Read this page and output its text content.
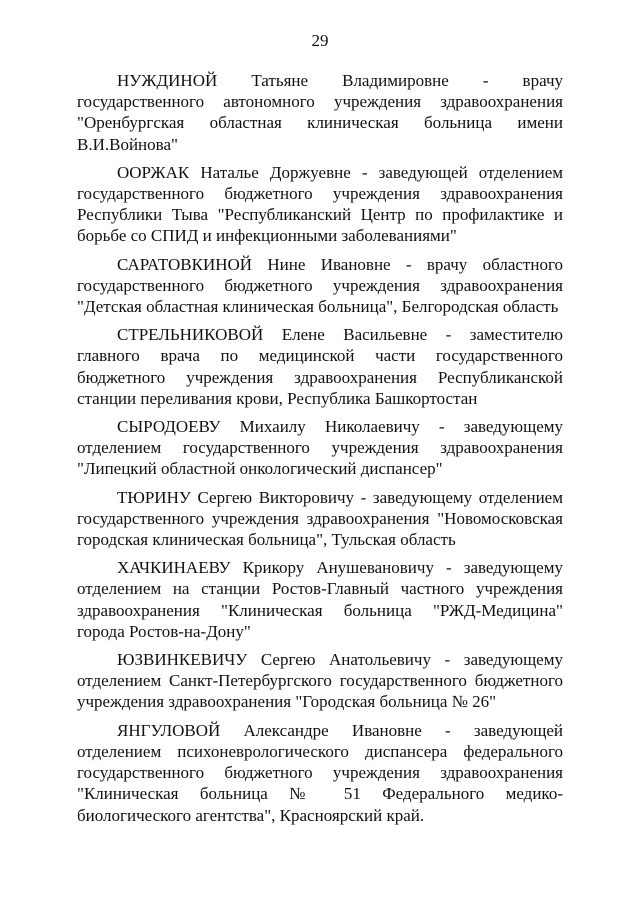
29

НУЖДИНОЙ Татьяне Владимировне - врачу государственного автономного учреждения здравоохранения "Оренбургская областная клиническая больница имени В.И.Войнова"

ООРЖАК Наталье Доржуевне - заведующей отделением государственного бюджетного учреждения здравоохранения Республики Тыва "Республиканский Центр по профилактике и борьбе со СПИД и инфекционными заболеваниями"

САРАТОВКИНОЙ Нине Ивановне - врачу областного государственного бюджетного учреждения здравоохранения "Детская областная клиническая больница", Белгородская область

СТРЕЛЬНИКОВОЙ Елене Васильевне - заместителю главного врача по медицинской части государственного бюджетного учреждения здравоохранения Республиканской станции переливания крови, Республика Башкортостан

СЫРОДОЕВУ Михаилу Николаевичу - заведующему отделением государственного учреждения здравоохранения "Липецкий областной онкологический диспансер"

ТЮРИНУ Сергею Викторовичу - заведующему отделением государственного учреждения здравоохранения "Новомосковская городская клиническая больница", Тульская область

ХАЧКИНАЕВУ Крикору Анушевановичу - заведующему отделением на станции Ростов-Главный частного учреждения здравоохранения "Клиническая больница "РЖД-Медицина" города Ростов-на-Дону"

ЮЗВИНКЕВИЧУ Сергею Анатольевичу - заведующему отделением Санкт-Петербургского государственного бюджетного учреждения здравоохранения "Городская больница № 26"

ЯНГУЛОВОЙ Александре Ивановне - заведующей отделением психоневрологического диспансера федерального государственного бюджетного учреждения здравоохранения "Клиническая больница № 51 Федерального медико-биологического агентства", Красноярский край.
